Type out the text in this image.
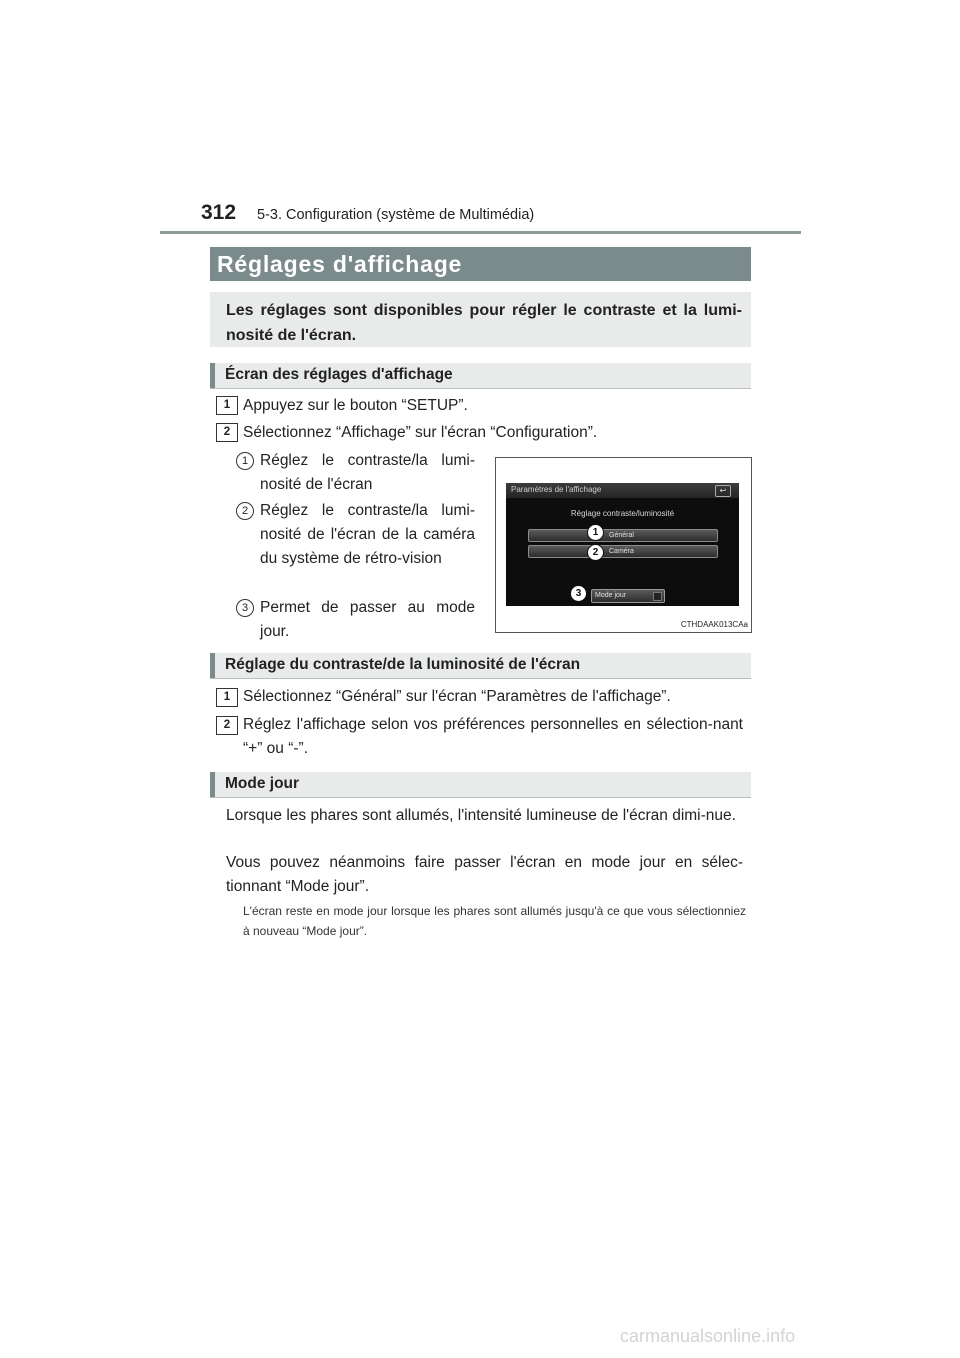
312 5-3. Configuration (système de Multimédia)
Réglages d'affichage
Les réglages sont disponibles pour régler le contraste et la lumi-nosité de l'écran.
Écran des réglages d'affichage
1 Appuyez sur le bouton “SETUP”.
2 Sélectionnez “Affichage” sur l'écran “Configuration”.
1 Réglez le contraste/la lumi-nosité de l'écran
2 Réglez le contraste/la lumi-nosité de l'écran de la caméra du système de rétro-vision
3 Permet de passer au mode jour.
Paramètres de l'affichage	↩
Réglage contraste/luminosité
Général
Caméra
Mode jour
1
2
3
CTHDAAK013CAa
Réglage du contraste/de la luminosité de l'écran
1 Sélectionnez “Général” sur l'écran “Paramètres de l'affichage”.
2 Réglez l'affichage selon vos préférences personnelles en sélection-nant “+” ou “-”.
Mode jour
Lorsque les phares sont allumés, l'intensité lumineuse de l'écran dimi-nue.
Vous pouvez néanmoins faire passer l'écran en mode jour en sélec-tionnant “Mode jour”.
L'écran reste en mode jour lorsque les phares sont allumés jusqu'à ce que vous sélectionniez à nouveau “Mode jour”.
carmanualsonline.info
